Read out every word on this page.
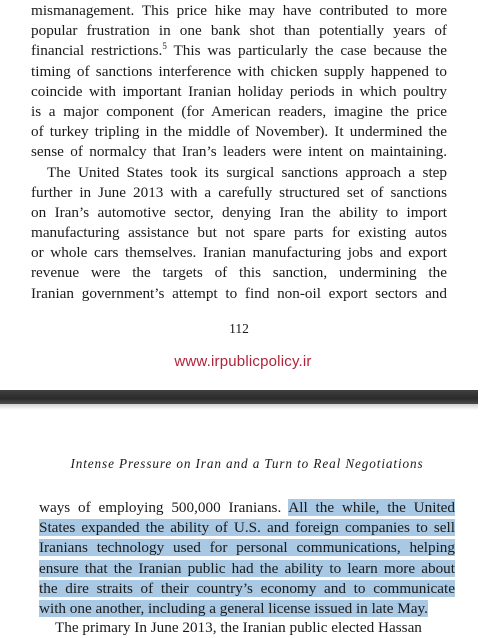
mismanagement. This price hike may have contributed to more
popular frustration in one bank shot than potentially years of
financial restrictions.$^5$ This was particularly the case because the
timing of sanctions interference with chicken supply happened to
coincide with important Iranian holiday periods in which poultry
is a major component (for American readers, imagine the price
of turkey tripling in the middle of November). It undermined the
sense of normalcy that Iran’s leaders were intent on maintaining.
The United States took its surgical sanctions approach a step
further in June 2013 with a carefully structured set of sanctions
on Iran’s automotive sector, denying Iran the ability to import
manufacturing assistance but not spare parts for existing autos
or whole cars themselves. Iranian manufacturing jobs and export
revenue were the targets of this sanction, undermining the
Iranian government’s attempt to find non-oil export sectors and
112
www.irpublicpolicy.ir
Intense Pressure on Iran and a Turn to Real Negotiations
ways of employing 500,000 Iranians. All the while, the United
States expanded the ability of U.S. and foreign companies to sell
Iranians technology used for personal communications, helping
ensure that the Iranian public had the ability to learn more about
the dire straits of their country’s economy and to communicate
with one another, including a general license issued in late May.
The primary In June 2013, the Iranian public elected Hassan
